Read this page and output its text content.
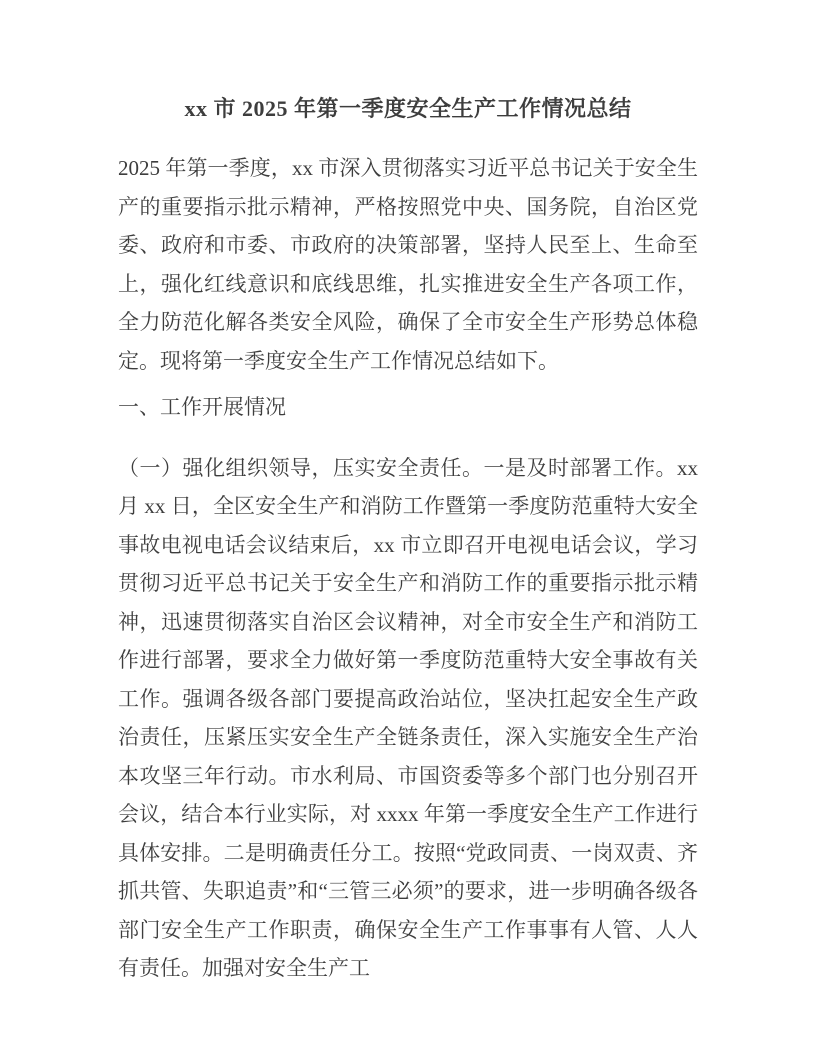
xx 市 2025 年第一季度安全生产工作情况总结

2025 年第一季度，xx 市深入贯彻落实习近平总书记关于安全生产的重要指示批示精神，严格按照党中央、国务院，自治区党委、政府和市委、市政府的决策部署，坚持人民至上、生命至上，强化红线意识和底线思维，扎实推进安全生产各项工作，全力防范化解各类安全风险，确保了全市安全生产形势总体稳定。现将第一季度安全生产工作情况总结如下。

一、工作开展情况

（一）强化组织领导，压实安全责任。一是及时部署工作。xx 月 xx 日，全区安全生产和消防工作暨第一季度防范重特大安全事故电视电话会议结束后，xx 市立即召开电视电话会议，学习贯彻习近平总书记关于安全生产和消防工作的重要指示批示精神，迅速贯彻落实自治区会议精神，对全市安全生产和消防工作进行部署，要求全力做好第一季度防范重特大安全事故有关工作。强调各级各部门要提高政治站位，坚决扛起安全生产政治责任，压紧压实安全生产全链条责任，深入实施安全生产治本攻坚三年行动。市水利局、市国资委等多个部门也分别召开会议，结合本行业实际，对 xxxx 年第一季度安全生产工作进行具体安排。二是明确责任分工。按照“党政同责、一岗双责、齐抓共管、失职追责”和“三管三必须”的要求，进一步明确各级各部门安全生产工作职责，确保安全生产工作事事有人管、人人有责任。加强对安全生产工
